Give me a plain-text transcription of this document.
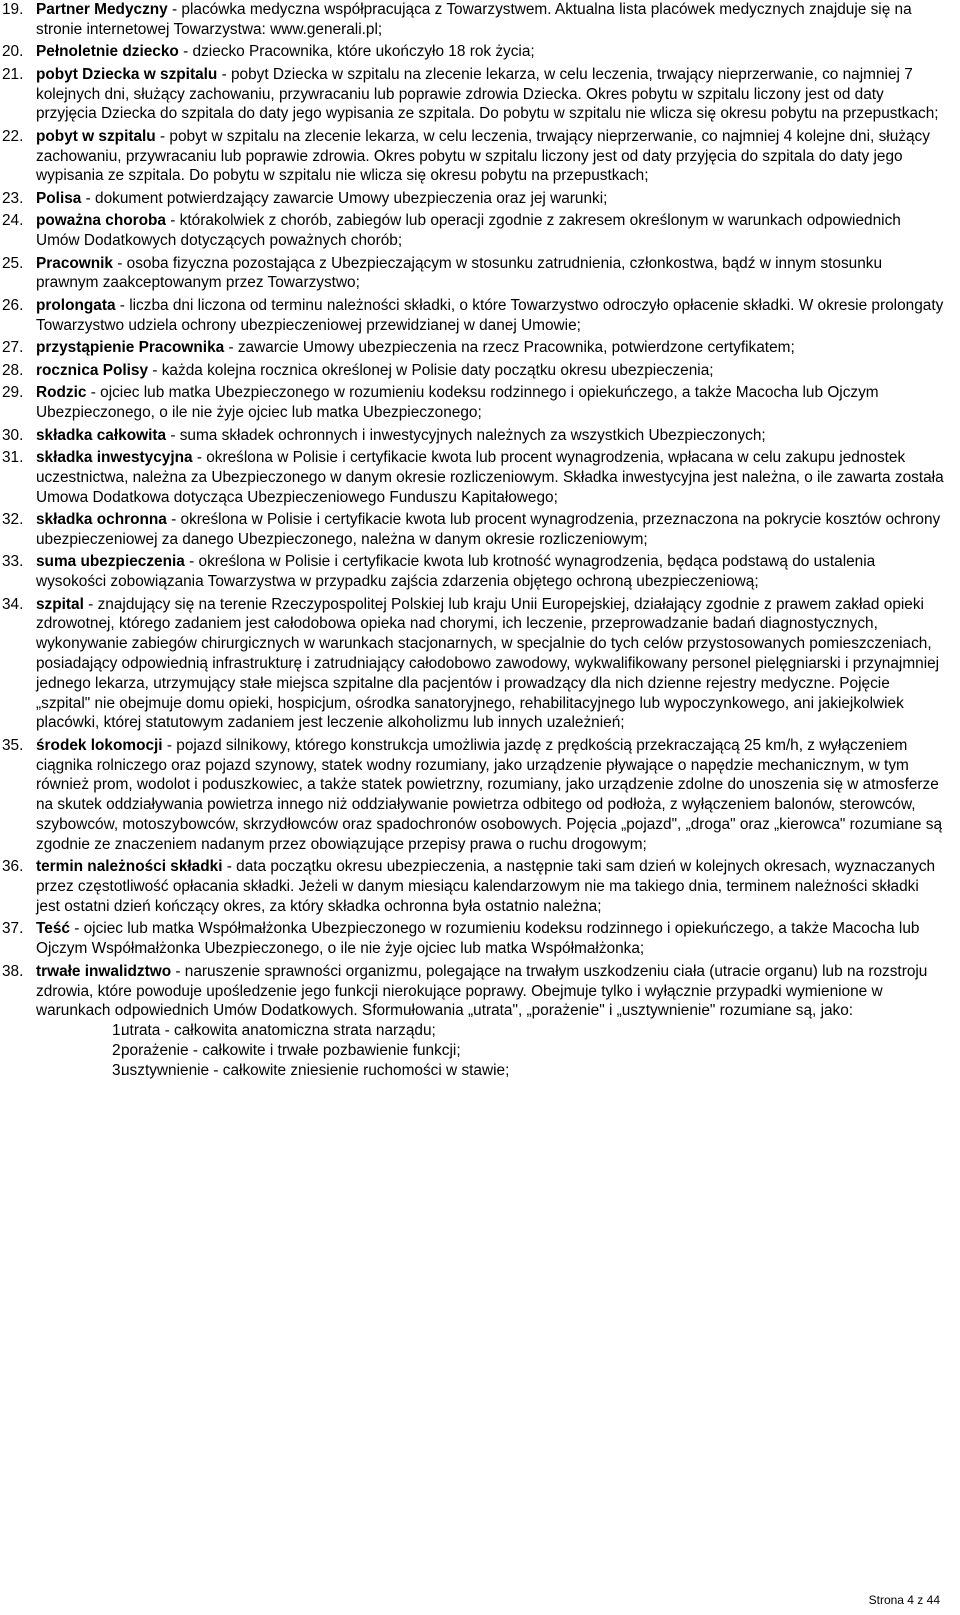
19. Partner Medyczny - placówka medyczna współpracująca z Towarzystwem. Aktualna lista placówek medycznych znajduje się na stronie internetowej Towarzystwa: www.generali.pl;
20. Pełnoletnie dziecko - dziecko Pracownika, które ukończyło 18 rok życia;
21. pobyt Dziecka w szpitalu - pobyt Dziecka w szpitalu na zlecenie lekarza, w celu leczenia, trwający nieprzerwanie, co najmniej 7 kolejnych dni, służący zachowaniu, przywracaniu lub poprawie zdrowia Dziecka. Okres pobytu w szpitalu liczony jest od daty przyjęcia Dziecka do szpitala do daty jego wypisania ze szpitala. Do pobytu w szpitalu nie wlicza się okresu pobytu na przepustkach;
22. pobyt w szpitalu - pobyt w szpitalu na zlecenie lekarza, w celu leczenia, trwający nieprzerwanie, co najmniej 4 kolejne dni, służący zachowaniu, przywracaniu lub poprawie zdrowia. Okres pobytu w szpitalu liczony jest od daty przyjęcia do szpitala do daty jego wypisania ze szpitala. Do pobytu w szpitalu nie wlicza się okresu pobytu na przepustkach;
23. Polisa - dokument potwierdzający zawarcie Umowy ubezpieczenia oraz jej warunki;
24. poważna choroba - którakolwiek z chorób, zabiegów lub operacji zgodnie z zakresem określonym w warunkach odpowiednich Umów Dodatkowych dotyczących poważnych chorób;
25. Pracownik - osoba fizyczna pozostająca z Ubezpieczającym w stosunku zatrudnienia, członkostwa, bądź w innym stosunku prawnym zaakceptowanym przez Towarzystwo;
26. prolongata - liczba dni liczona od terminu należności składki, o które Towarzystwo odroczyło opłacenie składki. W okresie prolongaty Towarzystwo udziela ochrony ubezpieczeniowej przewidzianej w danej Umowie;
27. przystąpienie Pracownika - zawarcie Umowy ubezpieczenia na rzecz Pracownika, potwierdzone certyfikatem;
28. rocznica Polisy - każda kolejna rocznica określonej w Polisie daty początku okresu ubezpieczenia;
29. Rodzic - ojciec lub matka Ubezpieczonego w rozumieniu kodeksu rodzinnego i opiekuńczego, a także Macocha lub Ojczym Ubezpieczonego, o ile nie żyje ojciec lub matka Ubezpieczonego;
30. składka całkowita - suma składek ochronnych i inwestycyjnych należnych za wszystkich Ubezpieczonych;
31. składka inwestycyjna - określona w Polisie i certyfikacie kwota lub procent wynagrodzenia, wpłacana w celu zakupu jednostek uczestnictwa, należna za Ubezpieczonego w danym okresie rozliczeniowym. Składka inwestycyjna jest należna, o ile zawarta została Umowa Dodatkowa dotycząca Ubezpieczeniowego Funduszu Kapitałowego;
32. składka ochronna - określona w Polisie i certyfikacie kwota lub procent wynagrodzenia, przeznaczona na pokrycie kosztów ochrony ubezpieczeniowej za danego Ubezpieczonego, należna w danym okresie rozliczeniowym;
33. suma ubezpieczenia - określona w Polisie i certyfikacie kwota lub krotność wynagrodzenia, będąca podstawą do ustalenia wysokości zobowiązania Towarzystwa w przypadku zajścia zdarzenia objętego ochroną ubezpieczeniową;
34. szpital - znajdujący się na terenie Rzeczypospolitej Polskiej lub kraju Unii Europejskiej, działający zgodnie z prawem zakład opieki zdrowotnej, którego zadaniem jest całodobowa opieka nad chorymi, ich leczenie, przeprowadzanie badań diagnostycznych, wykonywanie zabiegów chirurgicznych w warunkach stacjonarnych, w specjalnie do tych celów przystosowanych pomieszczeniach, posiadający odpowiednią infrastrukturę i zatrudniający całodobowo zawodowy, wykwalifikowany personel pielęgniarski i przynajmniej jednego lekarza, utrzymujący stałe miejsca szpitalne dla pacjentów i prowadzący dla nich dzienne rejestry medyczne. Pojęcie „szpital" nie obejmuje domu opieki, hospicjum, ośrodka sanatoryjnego, rehabilitacyjnego lub wypoczynkowego, ani jakiejkolwiek placówki, której statutowym zadaniem jest leczenie alkoholizmu lub innych uzależnień;
35. środek lokomocji - pojazd silnikowy, którego konstrukcja umożliwia jazdę z prędkością przekraczającą 25 km/h, z wyłączeniem ciągnika rolniczego oraz pojazd szynowy, statek wodny rozumiany, jako urządzenie pływające o napędzie mechanicznym, w tym również prom, wodolot i poduszkowiec, a także statek powietrzny, rozumiany, jako urządzenie zdolne do unoszenia się w atmosferze na skutek oddziaływania powietrza innego niż oddziaływanie powietrza odbitego od podłoża, z wyłączeniem balonów, sterowców, szybowców, motoszybowców, skrzydłowców oraz spadochronów osobowych. Pojęcia „pojazd", „droga" oraz „kierowca" rozumiane są zgodnie ze znaczeniem nadanym przez obowiązujące przepisy prawa o ruchu drogowym;
36. termin należności składki - data początku okresu ubezpieczenia, a następnie taki sam dzień w kolejnych okresach, wyznaczanych przez częstotliwość opłacania składki. Jeżeli w danym miesiącu kalendarzowym nie ma takiego dnia, terminem należności składki jest ostatni dzień kończący okres, za który składka ochronna była ostatnio należna;
37. Teść - ojciec lub matka Współmałżonka Ubezpieczonego w rozumieniu kodeksu rodzinnego i opiekuńczego, a także Macocha lub Ojczym Współmałżonka Ubezpieczonego, o ile nie żyje ojciec lub matka Współmałżonka;
38. trwałe inwalidztwo - naruszenie sprawności organizmu, polegające na trwałym uszkodzeniu ciała (utracie organu) lub na rozstroju zdrowia, które powoduje upośledzenie jego funkcji nierokujące poprawy. Obejmuje tylko i wyłącznie przypadki wymienione w warunkach odpowiednich Umów Dodatkowych. Sformułowania „utrata", „porażenie" i „usztywnienie" rozumiane są, jako:
1.
utrata - całkowita anatomiczna strata narządu;
2.
porażenie - całkowite i trwałe pozbawienie funkcji;
3.
usztywnienie - całkowite zniesienie ruchomości w stawie;
Strona 4 z 44
